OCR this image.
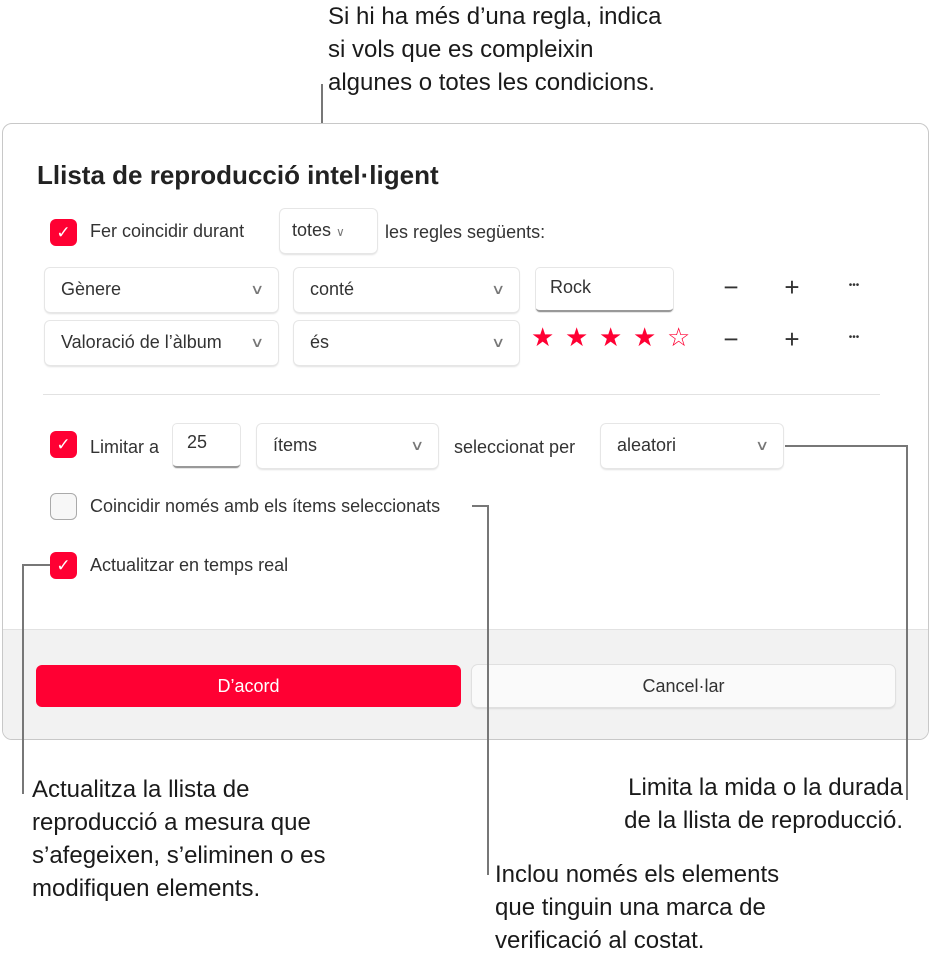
Si hi ha més d’una regla, indica
si vols que es compleixin
algunes o totes les condicions.
Llista de reproducció intel·ligent
✓	Fer coincidir durant	totes ∨	les regles següents:
Gènere	∨	conté	∨	Rock	− +	•••
Valoració de l’àlbum ∨	és	∨ ★ ★ ★ ★ ☆ − +	•••
✓	Limitar a	25	ítems	∨ seleccionat per	aleatori	∨
Coincidir només amb els ítems seleccionats
✓	Actualitzar en temps real
D’acord	Cancel·lar
Actualitza la llista de
reproducció a mesura que
s’afegeixen, s’eliminen o es
modifiquen elements.
Limita la mida o la durada
de la llista de reproducció.
Inclou només els elements
que tinguin una marca de
verificació al costat.
